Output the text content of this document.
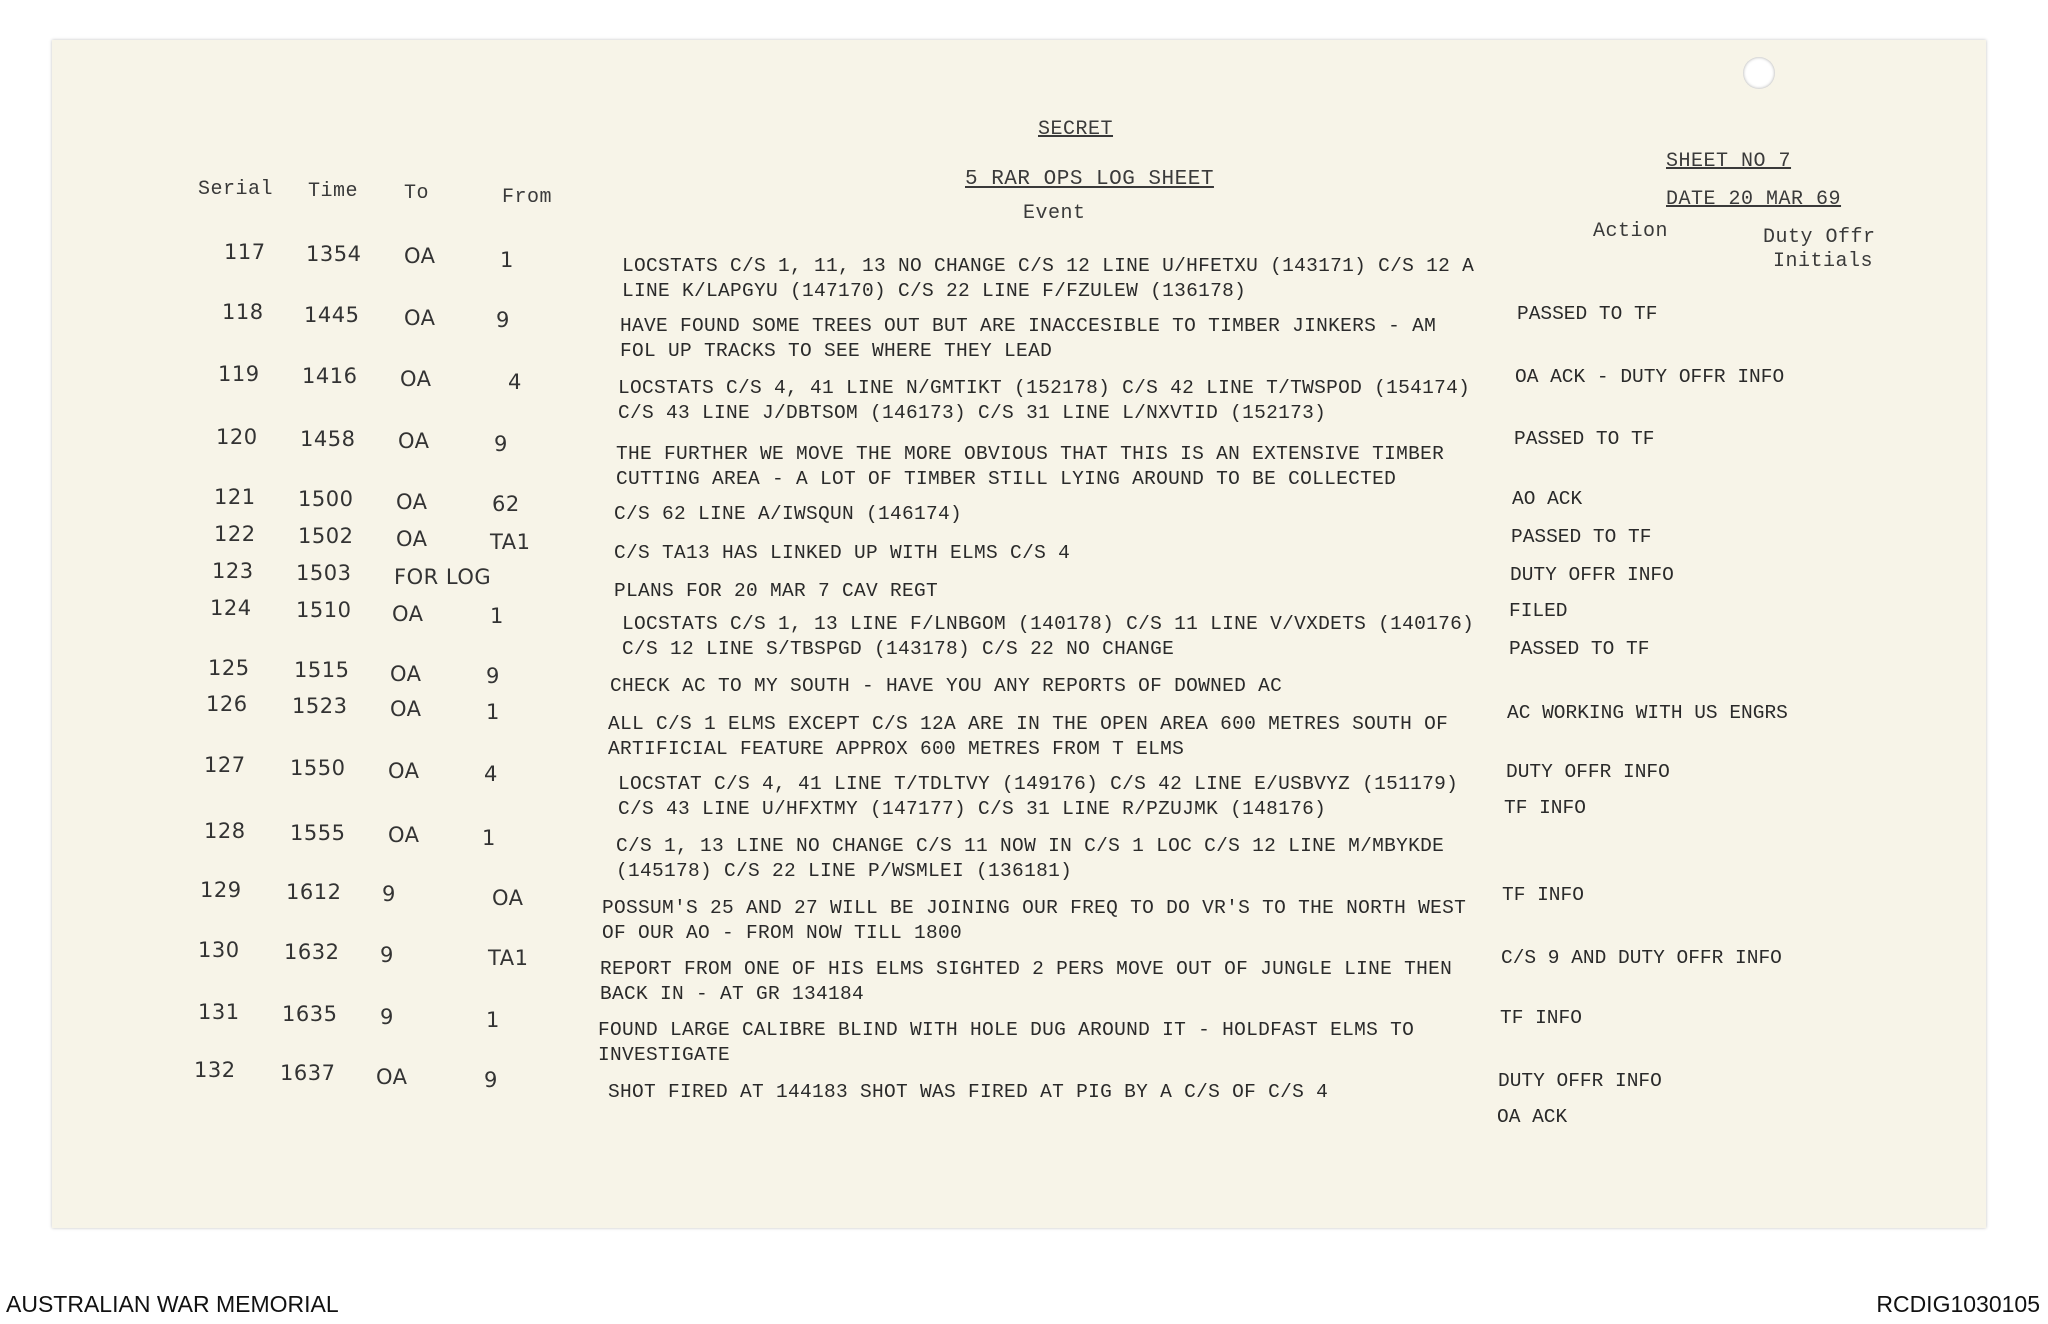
SECRET
5 RAR OPS LOG SHEET
SHEET NO 7
DATE 20 MAR 69
Serial Time To	From
Event
Action	Duty Offr
Initials
117 1354 OA	1	LOCSTATS C/S 1, 11, 13 NO CHANGE C/S 12 LINE U/HFETXU (143171) C/S 12 A
LINE K/LAPGYU (147170) C/S 22 LINE F/FZULEW (136178)
118 1445 OA	9	HAVE FOUND SOME TREES OUT BUT ARE INACCESIBLE TO TIMBER JINKERS - AM
FOL UP TRACKS TO SEE WHERE THEY LEAD
PASSED TO TF
119 1416 OA	4	LOCSTATS C/S 4, 41 LINE N/GMTIKT (152178) C/S 42 LINE T/TWSPOD (154174)
C/S 43 LINE J/DBTSOM (146173) C/S 31 LINE L/NXVTID (152173)
OA ACK - DUTY OFFR INFO
120 1458 OA	9	THE FURTHER WE MOVE THE MORE OBVIOUS THAT THIS IS AN EXTENSIVE TIMBER
CUTTING AREA - A LOT OF TIMBER STILL LYING AROUND TO BE COLLECTED
PASSED TO TF
121 1500 OA	62	C/S 62 LINE A/IWSQUN (146174)
AO ACK
122 1502 OA	TA1	C/S TA13 HAS LINKED UP WITH ELMS C/S 4
PASSED TO TF
123 1503 FOR LOG
PLANS FOR 20 MAR 7 CAV REGT
DUTY OFFR INFO
124 1510 OA	1	LOCSTATS C/S 1, 13 LINE F/LNBGOM (140178) C/S 11 LINE V/VXDETS (140176)
C/S 12 LINE S/TBSPGD (143178) C/S 22 NO CHANGE
FILED
125 1515 OA	9	CHECK AC TO MY SOUTH - HAVE YOU ANY REPORTS OF DOWNED AC
PASSED TO TF
126 1523 OA	1	ALL C/S 1 ELMS EXCEPT C/S 12A ARE IN THE OPEN AREA 600 METRES SOUTH OF
ARTIFICIAL FEATURE APPROX 600 METRES FROM T ELMS
AC WORKING WITH US ENGRS
127 1550 OA	4	LOCSTAT C/S 4, 41 LINE T/TDLTVY (149176) C/S 42 LINE E/USBVYZ (151179)
C/S 43 LINE U/HFXTMY (147177) C/S 31 LINE R/PZUJMK (148176)
DUTY OFFR INFO
128 1555 OA	1	C/S 1, 13 LINE NO CHANGE C/S 11 NOW IN C/S 1 LOC C/S 12 LINE M/MBYKDE
(145178) C/S 22 LINE P/WSMLEI (136181)
TF INFO
129 1612 9	OA	POSSUM'S 25 AND 27 WILL BE JOINING OUR FREQ TO DO VR'S TO THE NORTH WEST
OF OUR AO - FROM NOW TILL 1800
TF INFO
130 1632 9	TA1	REPORT FROM ONE OF HIS ELMS SIGHTED 2 PERS MOVE OUT OF JUNGLE LINE THEN
BACK IN - AT GR 134184
C/S 9 AND DUTY OFFR INFO
131 1635 9	1	FOUND LARGE CALIBRE BLIND WITH HOLE DUG AROUND IT - HOLDFAST ELMS TO
INVESTIGATE
TF INFO
132 1637 OA	9	SHOT FIRED AT 144183 SHOT WAS FIRED AT PIG BY A C/S OF C/S 4	DUTY OFFR INFO
OA ACK
AUSTRALIAN WAR MEMORIAL	RCDIG1030105
